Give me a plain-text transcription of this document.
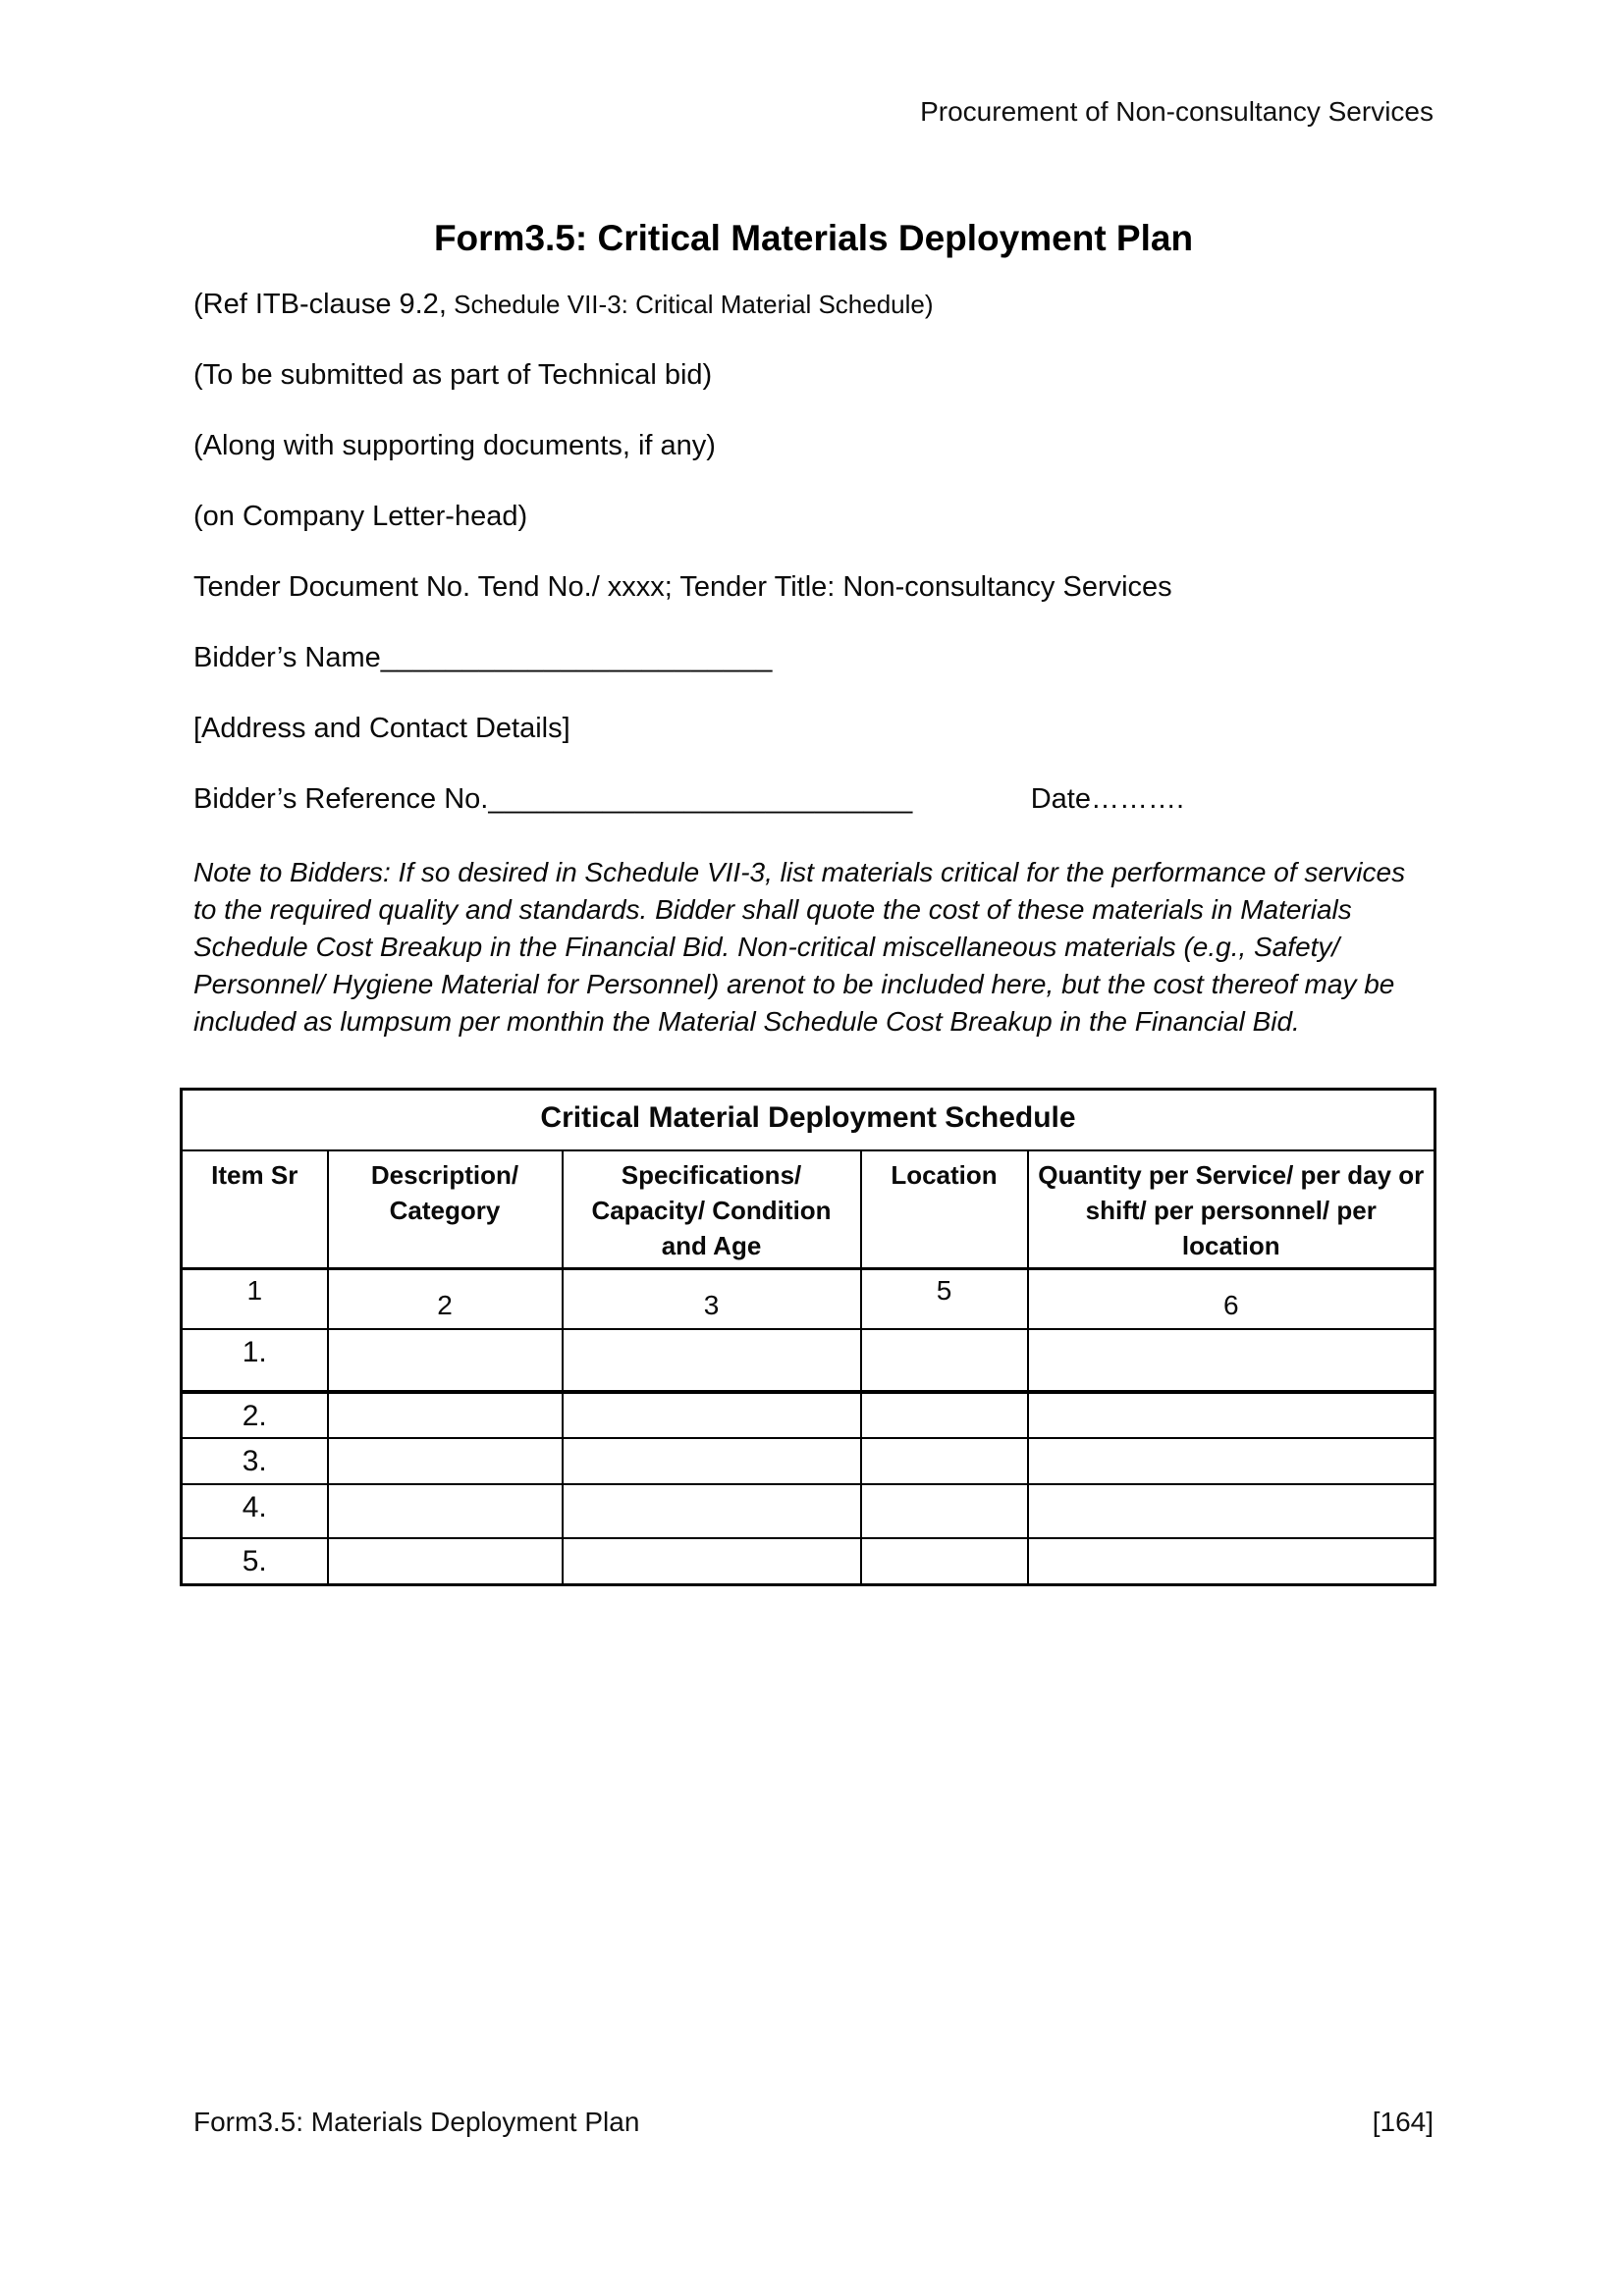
Procurement of Non-consultancy Services
Form3.5: Critical Materials Deployment Plan

(Ref ITB-clause 9.2, Schedule VII-3: Critical Material Schedule)

(To be submitted as part of Technical bid)

(Along with supporting documents, if any)

(on Company Letter-head)

Tender Document No. Tend No./ xxxx; Tender Title: Non-consultancy Services

Bidder’s Name________________________

[Address and Contact Details]

Bidder’s Reference No.__________________________	Date……….

Note to Bidders: If so desired in Schedule VII-3, list materials critical for the performance of services to the required quality and standards. Bidder shall quote the cost of these materials in Materials Schedule Cost Breakup in the Financial Bid. Non-critical miscellaneous materials (e.g., Safety/ Personnel/ Hygiene Material for Personnel) arenot to be included here, but the cost thereof may be included as lumpsum per monthin the Material Schedule Cost Breakup in the Financial Bid.

Critical Material Deployment Schedule				
Item Sr	Description/ Category	Specifications/ Capacity/ Condition and Age	Location	Quantity per Service/ per day or shift/ per personnel/ per location
1	2	3	5	6
1.				
2.				
3.				
4.				
5.				
Form3.5: Materials Deployment Plan	[164]
